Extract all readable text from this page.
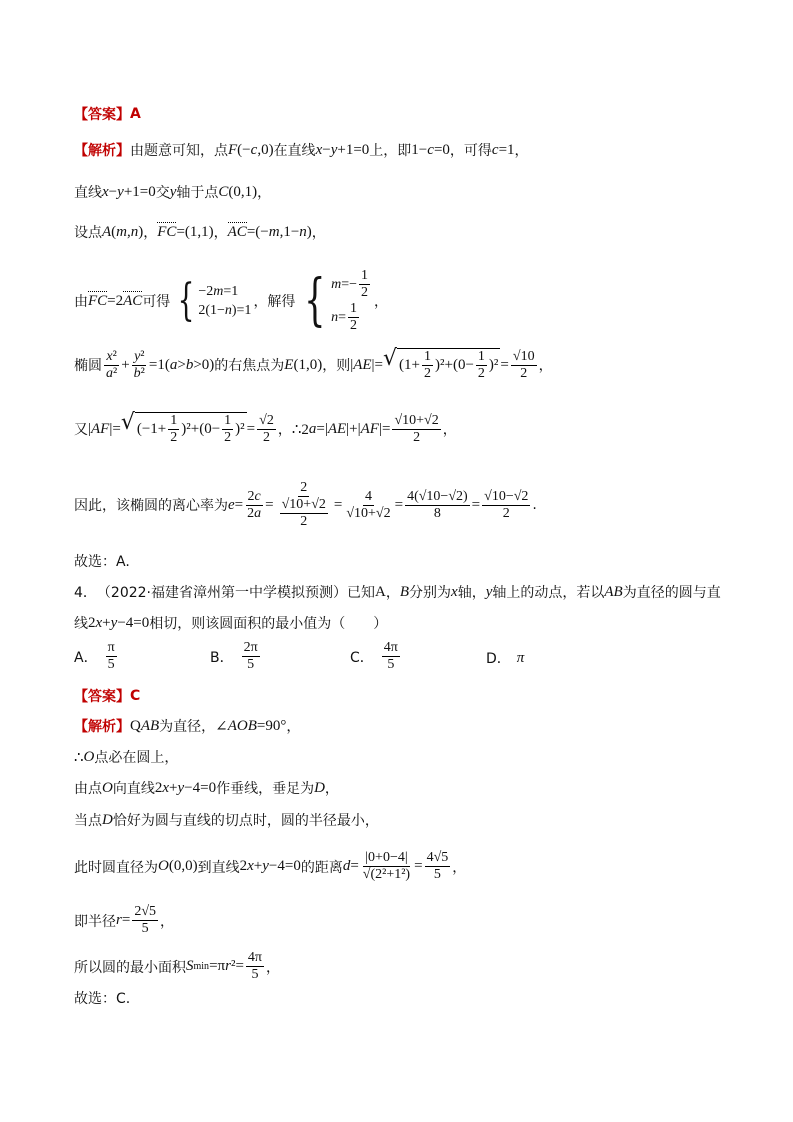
【答案】 A
【解析】 由题意可知，点 F (− c ,0) 在直线 x − y +1=0 上，即 1− c =0 ，可得 c =1 ，
直线 x − y +1=0 交 y 轴于点 C (0,1) ，
设点 A ( m , n ) ， FC =(1,1) ， AC =(− m ,1− n ) ，
由 FC =2 AC 可得 { −2m=1
2(1−n)=1
，解得 { $m=- \frac{1}{2}$
$n= \frac{1}{2}$ ，
椭圆 $\frac{\text{x²}}{\text{a²}} + \frac{\text{y²}}{\text{b²}} =1$( a > b >0) 的右焦点为 E (1,0) ，则 | AE |= √ $(1+ \frac{1}{2} )^2+(0- \frac{1}{2} )^2 = \frac{√10}{2}$ ，
又 | AF |= √ $(-1+ \frac{1}{2} )^2+(0- \frac{1}{2} )^2 = \frac{√2}{2}$ ， ∴2 a =| AE |+| AF |= $\frac{√10+√2}{2}$ ，
因此，该椭圆的离心率为 $e = \frac{2c}{2a} = \frac{2}{\frac{√10+√2}{2}} = \frac{4}{√10+√2} = \frac{4(√10-√2)}{8} = \frac{√10-√2}{2}$ .
故选：A.
4． （2022·福建省漳州第一中学模拟预测） 已知 A ， B 分别为 x 轴， y 轴上的动点，若以 AB 为直径的圆与直
线 2 x + y −4=0 相切，则该圆面积的最小值为（　　）
A． $\frac{\pi}{5}$	B． $\frac{2\pi}{5}$	C． $\frac{4\pi}{5}$	D． π
【答案】 C
【解析】 Q AB 为直径， ∠ AOB =90° ，
∴ O 点必在圆上，
由点 O 向直线 2 x + y −4=0 作垂线，垂足为 D ，
当点 D 恰好为圆与直线的切点时，圆的半径最小，
此时圆直径为 O (0,0) 到直线 2 x + y −4=0 的距离 $d = \frac{|0+0-4|}{\text{√(2²+1²)}} = \frac{4√5}{5}$ ，
即半径 $r = \frac{2√5}{5}$ ，
所以圆的最小面积 S min =π r $^2= \frac{4\pi}{5}$ ，
故选：C.
